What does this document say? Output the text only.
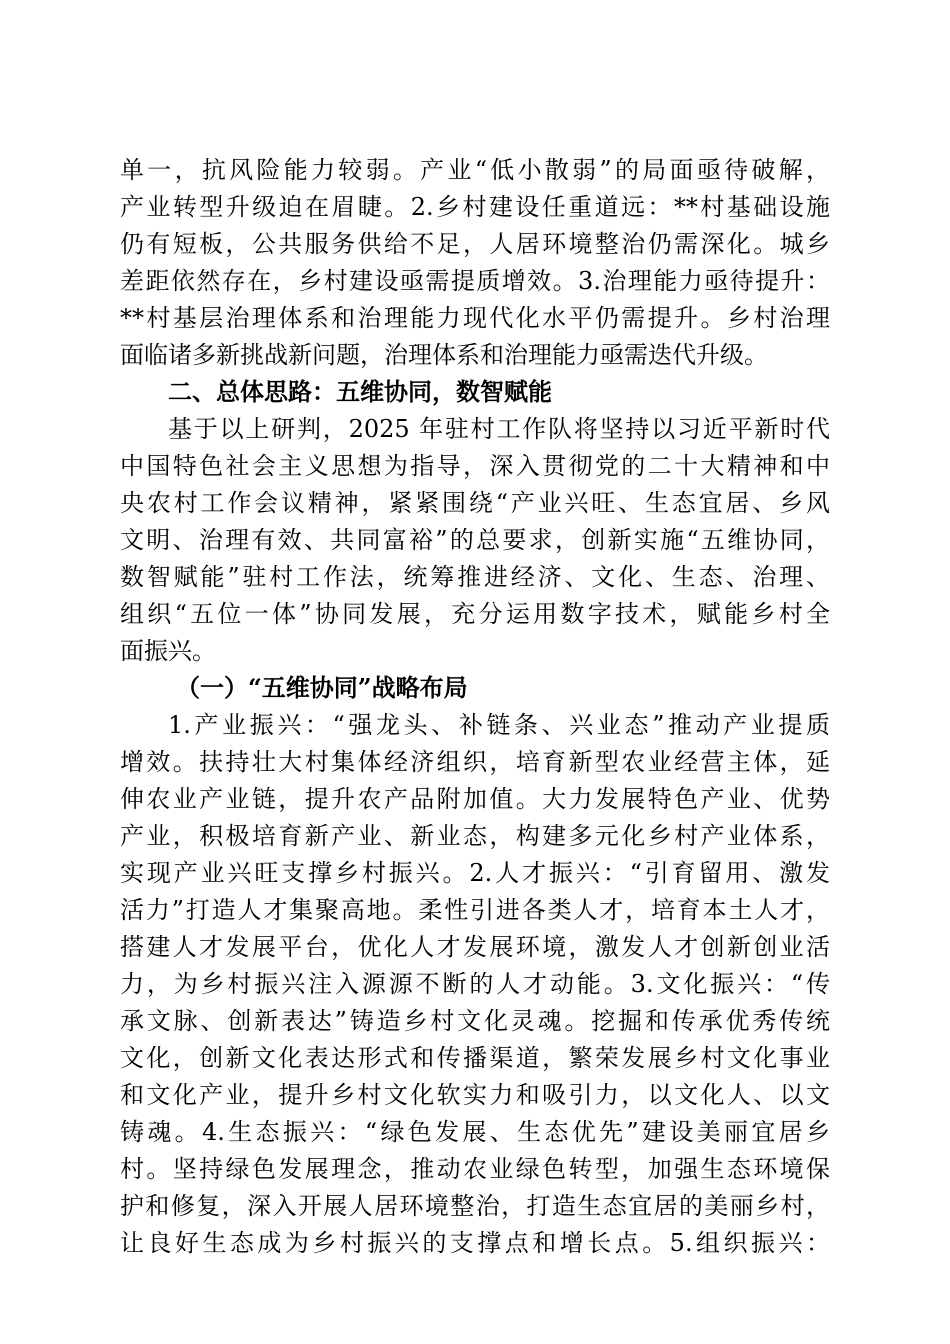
单一，抗风险能力较弱。产业“低小散弱”的局面亟待破解，
产业转型升级迫在眉睫。2.乡村建设任重道远：**村基础设施
仍有短板，公共服务供给不足，人居环境整治仍需深化。城乡
差距依然存在，乡村建设亟需提质增效。3.治理能力亟待提升：
**村基层治理体系和治理能力现代化水平仍需提升。乡村治理
面临诸多新挑战新问题，治理体系和治理能力亟需迭代升级。
二、总体思路：五维协同，数智赋能
基于以上研判，2025 年驻村工作队将坚持以习近平新时代
中国特色社会主义思想为指导，深入贯彻党的二十大精神和中
央农村工作会议精神，紧紧围绕“产业兴旺、生态宜居、乡风
文明、治理有效、共同富裕”的总要求，创新实施“五维协同，
数智赋能”驻村工作法，统筹推进经济、文化、生态、治理、
组织“五位一体”协同发展，充分运用数字技术，赋能乡村全
面振兴。
（一）“五维协同”战略布局
1.产业振兴：“强龙头、补链条、兴业态”推动产业提质
增效。扶持壮大村集体经济组织，培育新型农业经营主体，延
伸农业产业链，提升农产品附加值。大力发展特色产业、优势
产业，积极培育新产业、新业态，构建多元化乡村产业体系，
实现产业兴旺支撑乡村振兴。2.人才振兴：“引育留用、激发
活力”打造人才集聚高地。柔性引进各类人才，培育本土人才，
搭建人才发展平台，优化人才发展环境，激发人才创新创业活
力，为乡村振兴注入源源不断的人才动能。3.文化振兴：“传
承文脉、创新表达”铸造乡村文化灵魂。挖掘和传承优秀传统
文化，创新文化表达形式和传播渠道，繁荣发展乡村文化事业
和文化产业，提升乡村文化软实力和吸引力，以文化人、以文
铸魂。4.生态振兴：“绿色发展、生态优先”建设美丽宜居乡
村。坚持绿色发展理念，推动农业绿色转型，加强生态环境保
护和修复，深入开展人居环境整治，打造生态宜居的美丽乡村，
让良好生态成为乡村振兴的支撑点和增长点。5.组织振兴：
